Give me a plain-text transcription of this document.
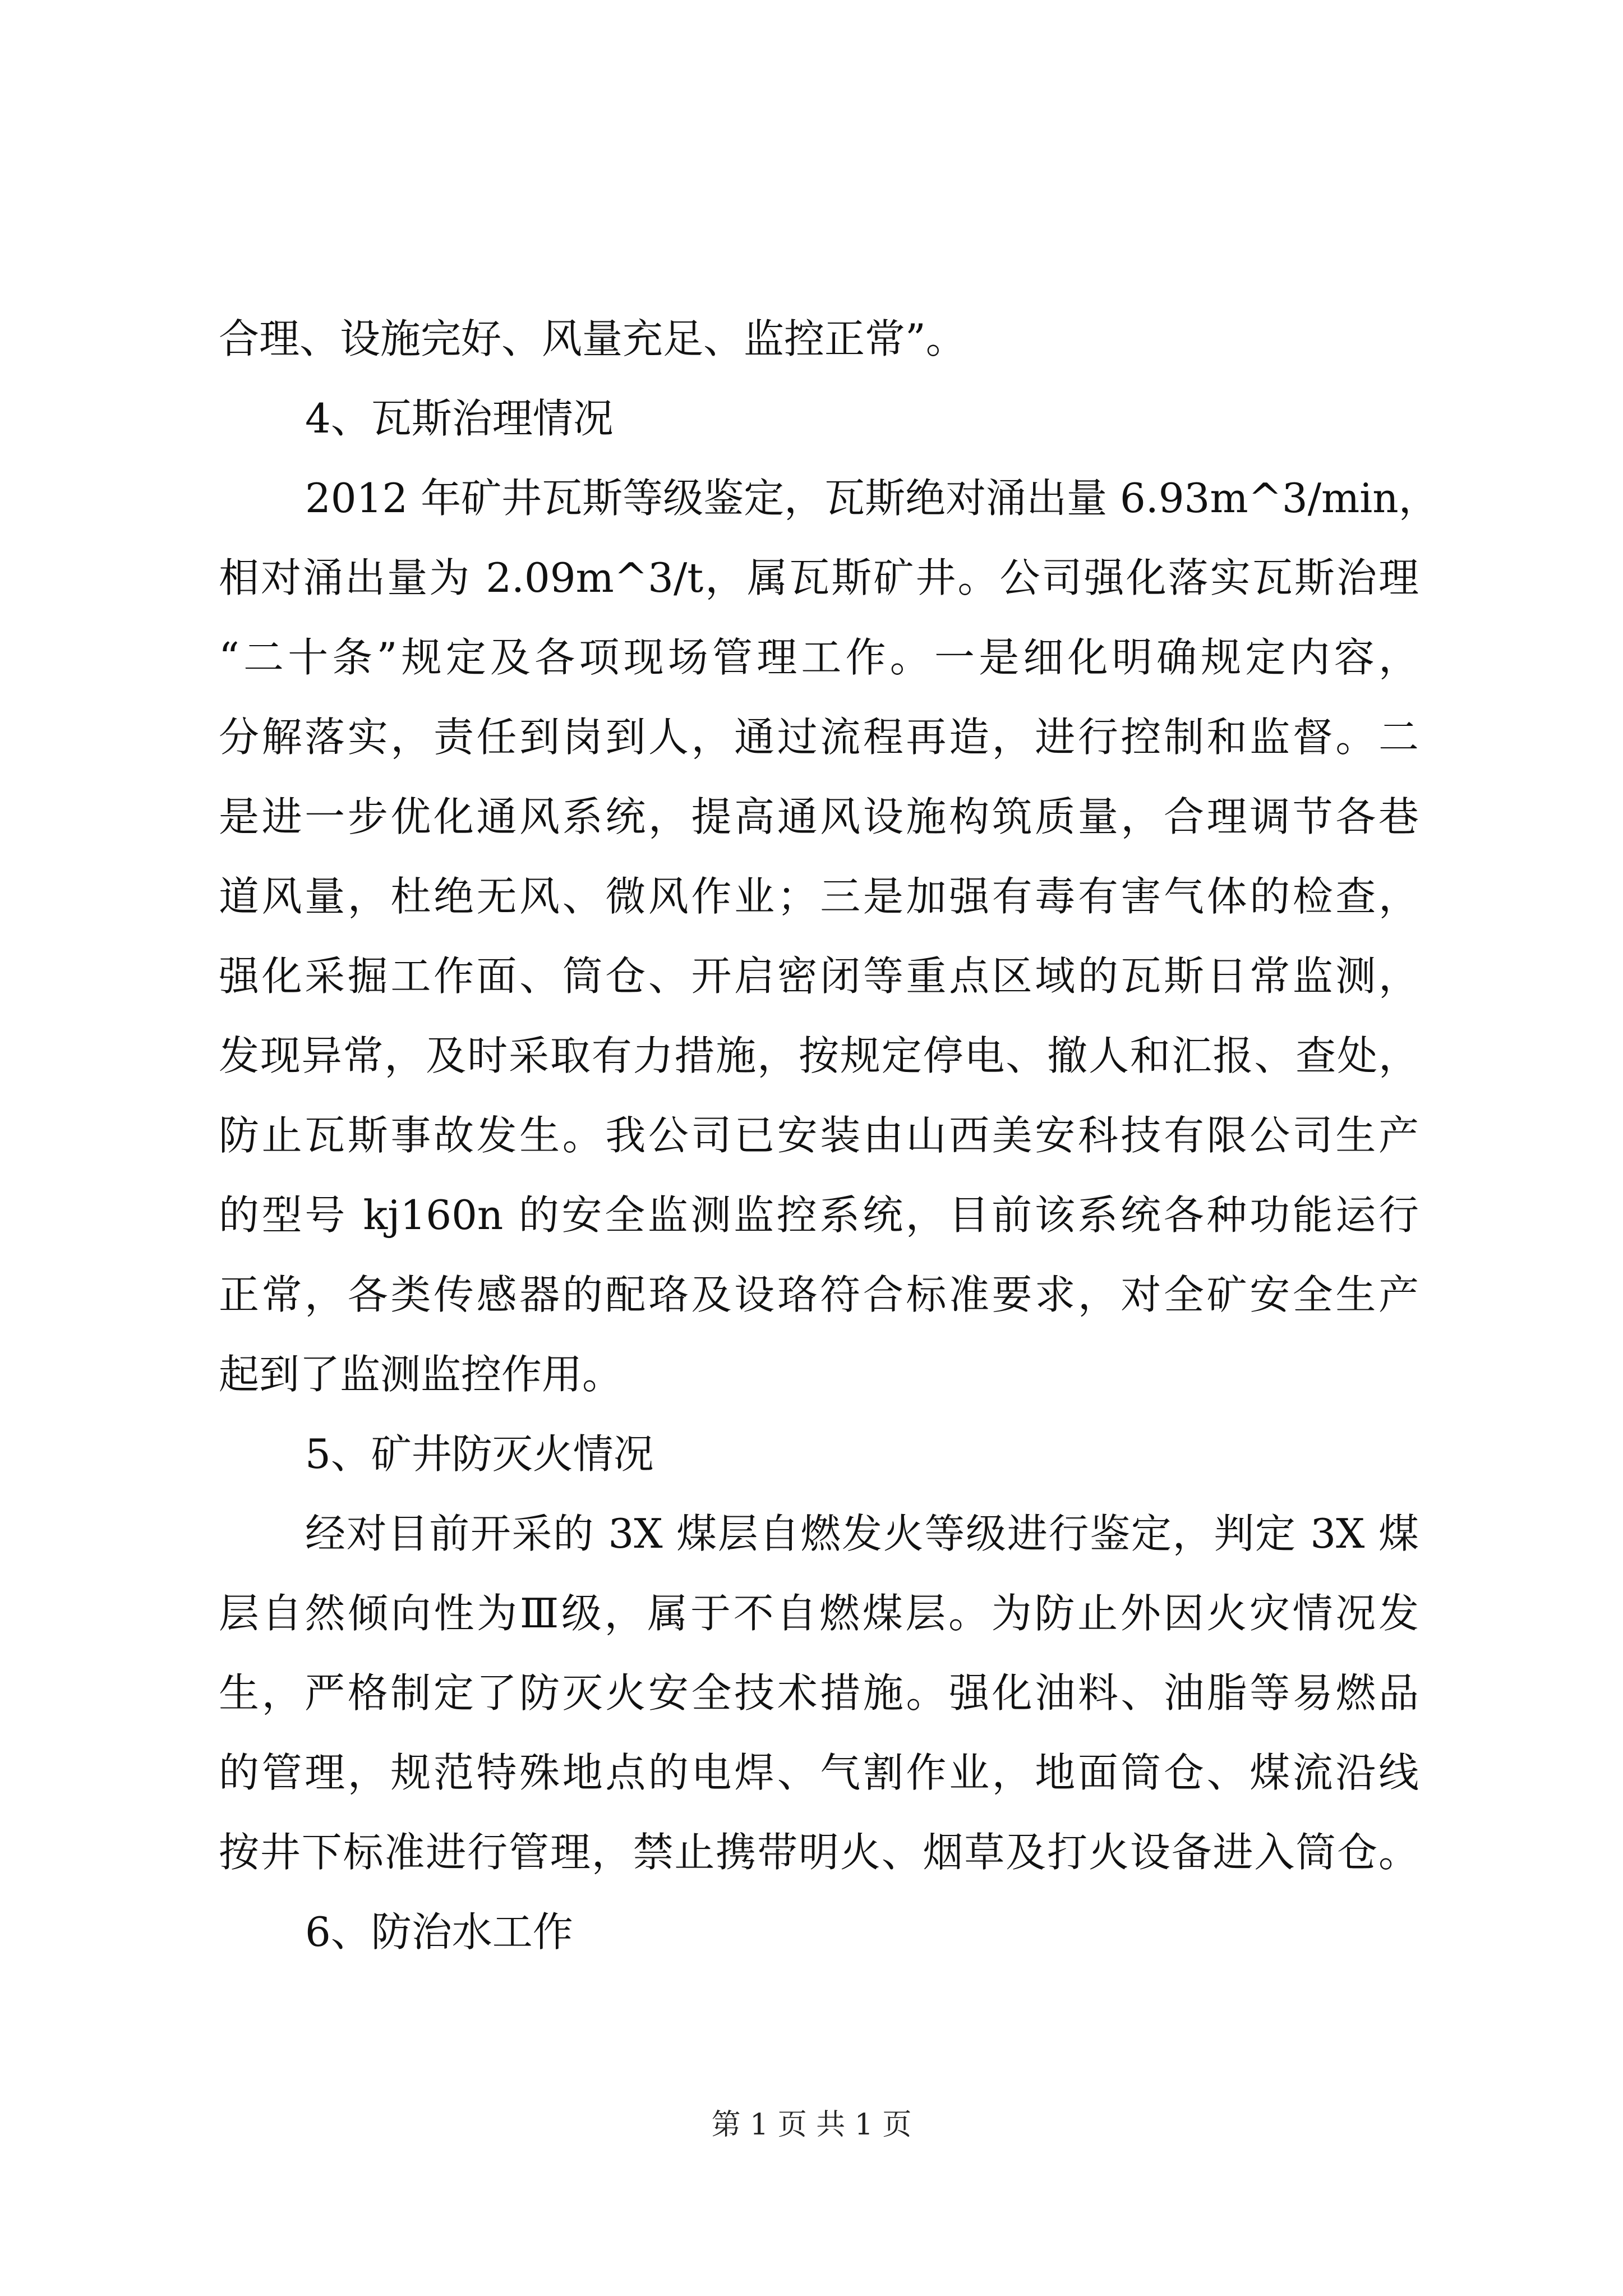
合理、设施完好、风量充足、监控正常”。
4、瓦斯治理情况
2012 年矿井瓦斯等级鉴定，瓦斯绝对涌出量 6.93m^3/min，
相对涌出量为 2.09m^3/t，属瓦斯矿井。公司强化落实瓦斯治理
“二十条”规定及各项现场管理工作。一是细化明确规定内容，
分解落实，责任到岗到人，通过流程再造，进行控制和监督。二
是进一步优化通风系统，提高通风设施构筑质量，合理调节各巷
道风量，杜绝无风、微风作业；三是加强有毒有害气体的检查，
强化采掘工作面、筒仓、开启密闭等重点区域的瓦斯日常监测，
发现异常，及时采取有力措施，按规定停电、撤人和汇报、查处，
防止瓦斯事故发生。我公司已安装由山西美安科技有限公司生产
的型号 kj160n 的安全监测监控系统，目前该系统各种功能运行
正常，各类传感器的配珞及设珞符合标准要求，对全矿安全生产
起到了监测监控作用。
5、矿井防灭火情况
经对目前开采的 3X 煤层自燃发火等级进行鉴定，判定 3X 煤
层自然倾向性为Ⅲ级，属于不自燃煤层。为防止外因火灾情况发
生，严格制定了防灭火安全技术措施。强化油料、油脂等易燃品
的管理，规范特殊地点的电焊、气割作业，地面筒仓、煤流沿线
按井下标准进行管理，禁止携带明火、烟草及打火设备进入筒仓。
6、防治水工作
第 1 页 共 1 页
